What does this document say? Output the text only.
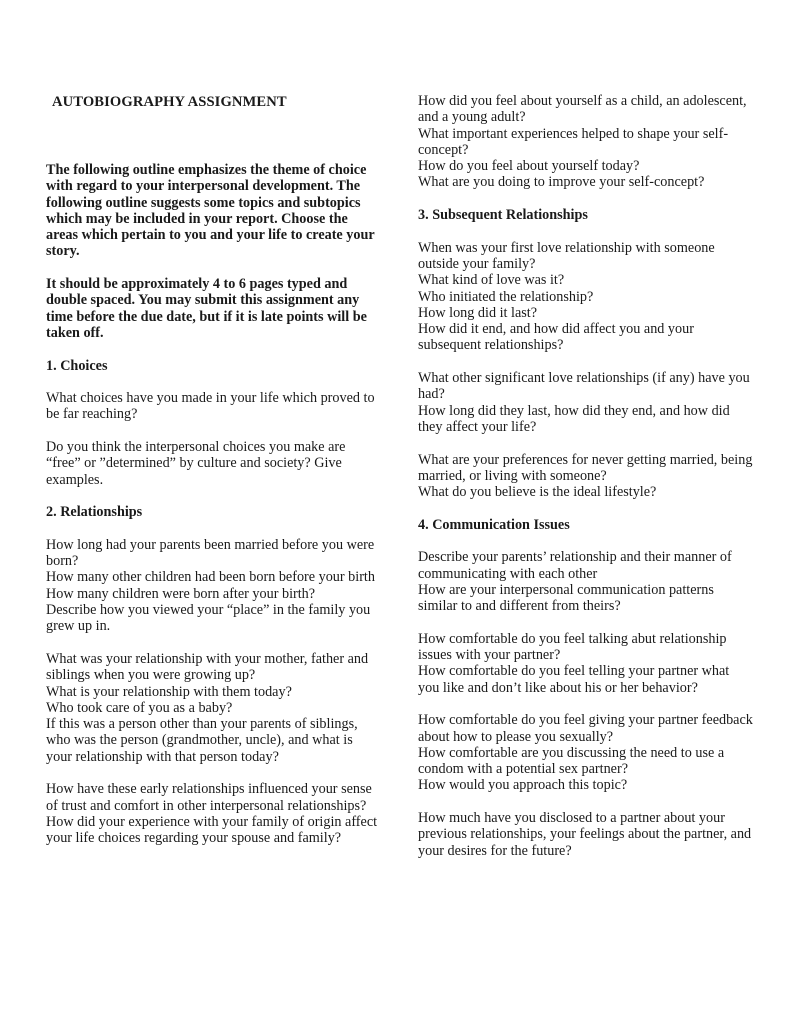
AUTOBIOGRAPHY ASSIGNMENT

The following outline emphasizes the theme of choice with regard to your interpersonal development. The following outline suggests some topics and subtopics which may be included in your report. Choose the areas which pertain to you and your life to create your story.

It should be approximately 4 to 6 pages typed and double spaced. You may submit this assignment any time before the due date, but if it is late points will be taken off.

1. Choices

What choices have you made in your life which proved to be far reaching?

Do you think the interpersonal choices you make are “free” or ”determined” by culture and society? Give examples.

2. Relationships

How long had your parents been married before you were born?

How many other children had been born before your birth

How many children were born after your birth?

Describe how you viewed your “place” in the family you grew up in.

What was your relationship with your mother, father and siblings when you were growing up?

What is your relationship with them today?

Who took care of you as a baby?

If this was a person other than your parents of siblings, who was the person (grandmother, uncle), and what is your relationship with that person today?

How have these early relationships influenced your sense of trust and comfort in other interpersonal relationships?

How did your experience with your family of origin affect your life choices regarding your spouse and family?

How did you feel about yourself as a child, an adolescent, and a young adult?

What important experiences helped to shape your self-concept?

How do you feel about yourself today?

What are you doing to improve your self-concept?

3. Subsequent Relationships

When was your first love relationship with someone outside your family?

What kind of love was it?

Who initiated the relationship?

How long did it last?

How did it end, and how did affect you and your subsequent relationships?

What other significant love relationships (if any) have you had?

How long did they last, how did they end, and how did they affect your life?

What are your preferences for never getting married, being married, or living with someone?

What do you believe is the ideal lifestyle?

4. Communication Issues

Describe your parents’ relationship and their manner of communicating with each other

How are your interpersonal communication patterns similar to and different from theirs?

How comfortable do you feel talking abut relationship issues with your partner?

How comfortable do you feel telling your partner what you like and don’t like about his or her behavior?

How comfortable do you feel giving your partner feedback about how to please you sexually?

How comfortable are you discussing the need to use a condom with a potential sex partner?

How would you approach this topic?

How much have you disclosed to a partner about your previous relationships, your feelings about the partner, and your desires for the future?
